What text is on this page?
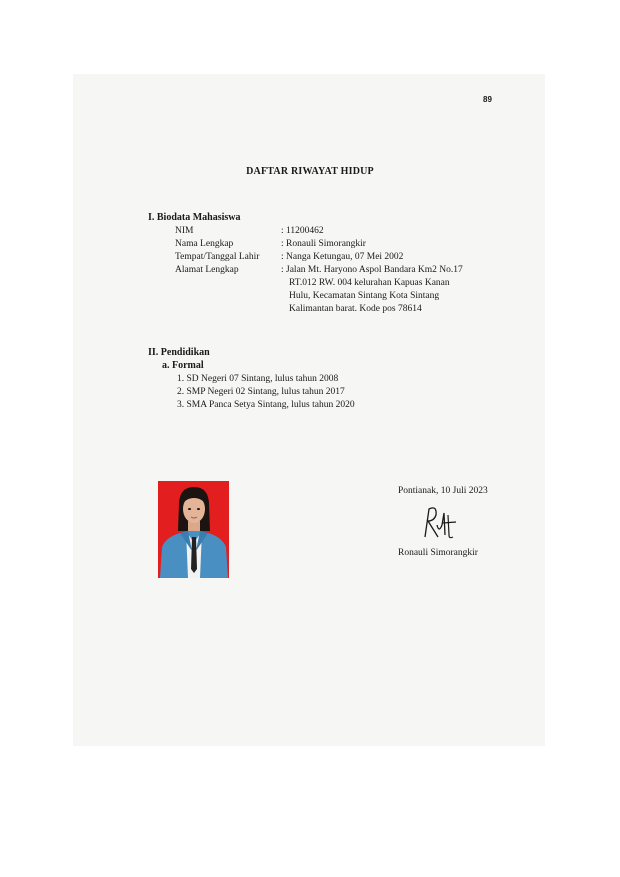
89
DAFTAR RIWAYAT HIDUP
I. Biodata Mahasiswa
NIM	: 11200462
Nama Lengkap	: Ronauli Simorangkir
Tempat/Tanggal Lahir : Nanga Ketungau, 07 Mei 2002
Alamat Lengkap	: Jalan Mt. Haryono Aspol Bandara Km2 No.17
RT.012 RW. 004 kelurahan Kapuas Kanan
Hulu, Kecamatan Sintang Kota Sintang
Kalimantan barat. Kode pos 78614
II. Pendidikan
a. Formal
1. SD Negeri 07 Sintang, lulus tahun 2008
2. SMP Negeri 02 Sintang, lulus tahun 2017
3. SMA Panca Setya Sintang, lulus tahun 2020
Pontianak, 10 Juli 2023
Ronauli Simorangkir
